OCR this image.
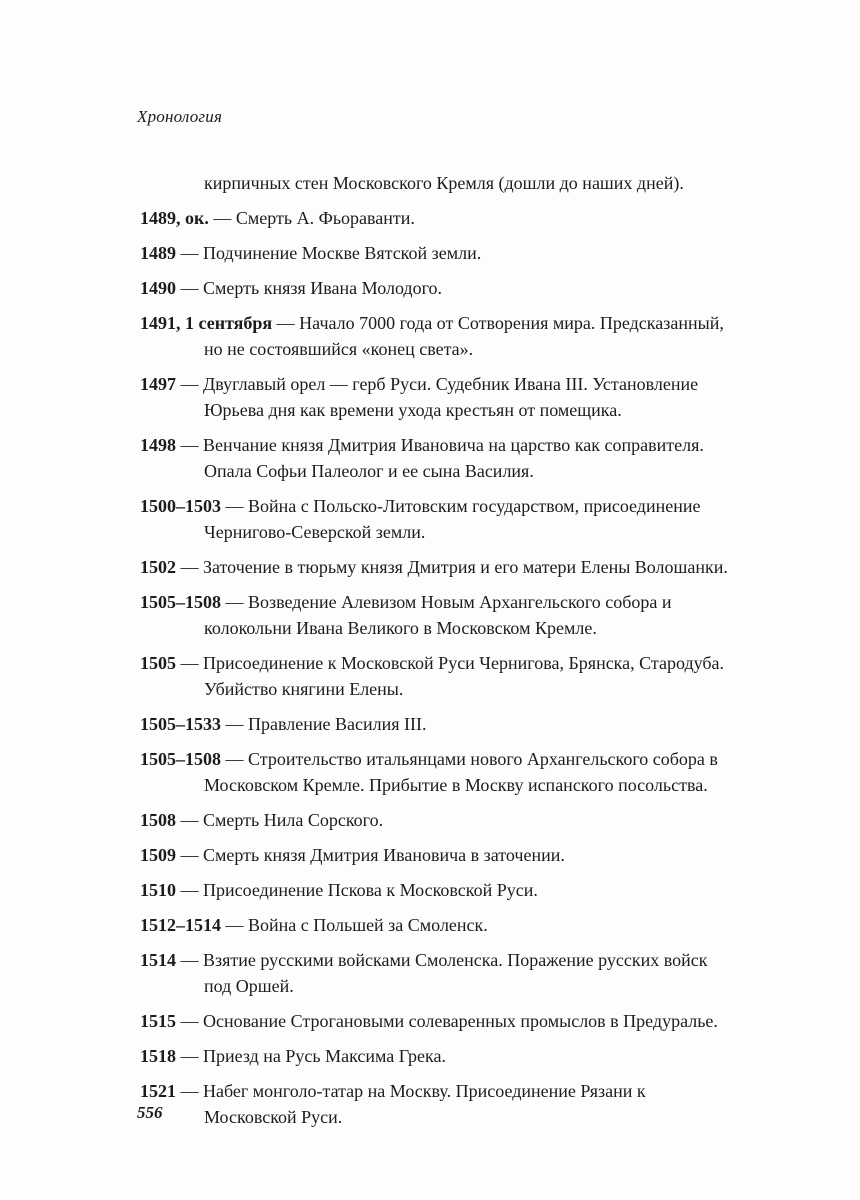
Хронология

кирпичных стен Московского Кремля (дошли до наших дней).

1489, ок. — Смерть А. Фьораванти.

1489 — Подчинение Москве Вятской земли.

1490 — Смерть князя Ивана Молодого.

1491, 1 сентября — Начало 7000 года от Сотворения мира. Предсказанный, но не состоявшийся «конец света».

1497 — Двуглавый орел — герб Руси. Судебник Ивана III. Установление Юрьева дня как времени ухода крестьян от помещика.

1498 — Венчание князя Дмитрия Ивановича на царство как соправителя. Опала Софьи Палеолог и ее сына Василия.

1500–1503 — Война с Польско-Литовским государством, присоединение Чернигово-Северской земли.

1502 — Заточение в тюрьму князя Дмитрия и его матери Елены Волошанки.

1505–1508 — Возведение Алевизом Новым Архангельского собора и колокольни Ивана Великого в Московском Кремле.

1505 — Присоединение к Московской Руси Чернигова, Брянска, Стародуба. Убийство княгини Елены.

1505–1533 — Правление Василия III.

1505–1508 — Строительство итальянцами нового Архангельского собора в Московском Кремле. Прибытие в Москву испанского посольства.

1508 — Смерть Нила Сорского.

1509 — Смерть князя Дмитрия Ивановича в заточении.

1510 — Присоединение Пскова к Московской Руси.

1512–1514 — Война с Польшей за Смоленск.

1514 — Взятие русскими войсками Смоленска. Поражение русских войск под Оршей.

1515 — Основание Строгановыми солеваренных промыслов в Предуралье.

1518 — Приезд на Русь Максима Грека.

1521 — Набег монголо-татар на Москву. Присоединение Рязани к Московской Руси.

556
